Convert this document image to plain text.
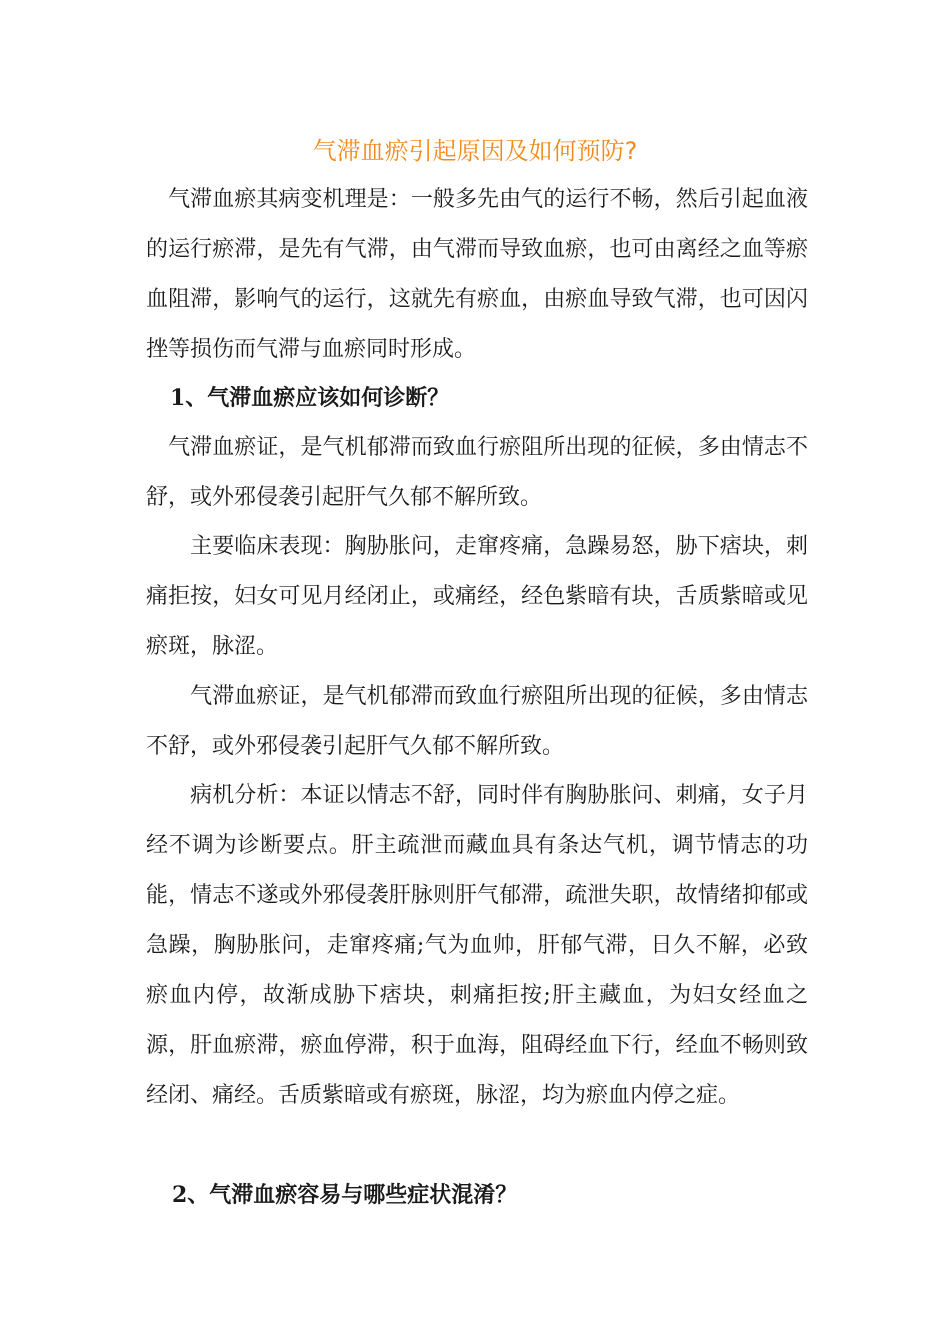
气滞血瘀引起原因及如何预防?

　气滞血瘀其病变机理是：一般多先由气的运行不畅，然后引起血液的运行瘀滞，是先有气滞，由气滞而导致血瘀，也可由离经之血等瘀血阻滞，影响气的运行，这就先有瘀血，由瘀血导致气滞，也可因闪挫等损伤而气滞与血瘀同时形成。

1、气滞血瘀应该如何诊断？

　气滞血瘀证，是气机郁滞而致血行瘀阻所出现的征候，多由情志不舒，或外邪侵袭引起肝气久郁不解所致。

　　主要临床表现：胸胁胀问，走窜疼痛，急躁易怒，胁下痞块，刺痛拒按，妇女可见月经闭止，或痛经，经色紫暗有块，舌质紫暗或见瘀斑，脉涩。

　　气滞血瘀证，是气机郁滞而致血行瘀阻所出现的征候，多由情志不舒，或外邪侵袭引起肝气久郁不解所致。

　　病机分析：本证以情志不舒，同时伴有胸胁胀问、刺痛，女子月经不调为诊断要点。肝主疏泄而藏血具有条达气机，调节情志的功能，情志不遂或外邪侵袭肝脉则肝气郁滞，疏泄失职，故情绪抑郁或急躁，胸胁胀问，走窜疼痛;气为血帅，肝郁气滞，日久不解，必致瘀血内停，故渐成胁下痞块，刺痛拒按;肝主藏血，为妇女经血之源，肝血瘀滞，瘀血停滞，积于血海，阻碍经血下行，经血不畅则致经闭、痛经。舌质紫暗或有瘀斑，脉涩，均为瘀血内停之症。

2、气滞血瘀容易与哪些症状混淆？
